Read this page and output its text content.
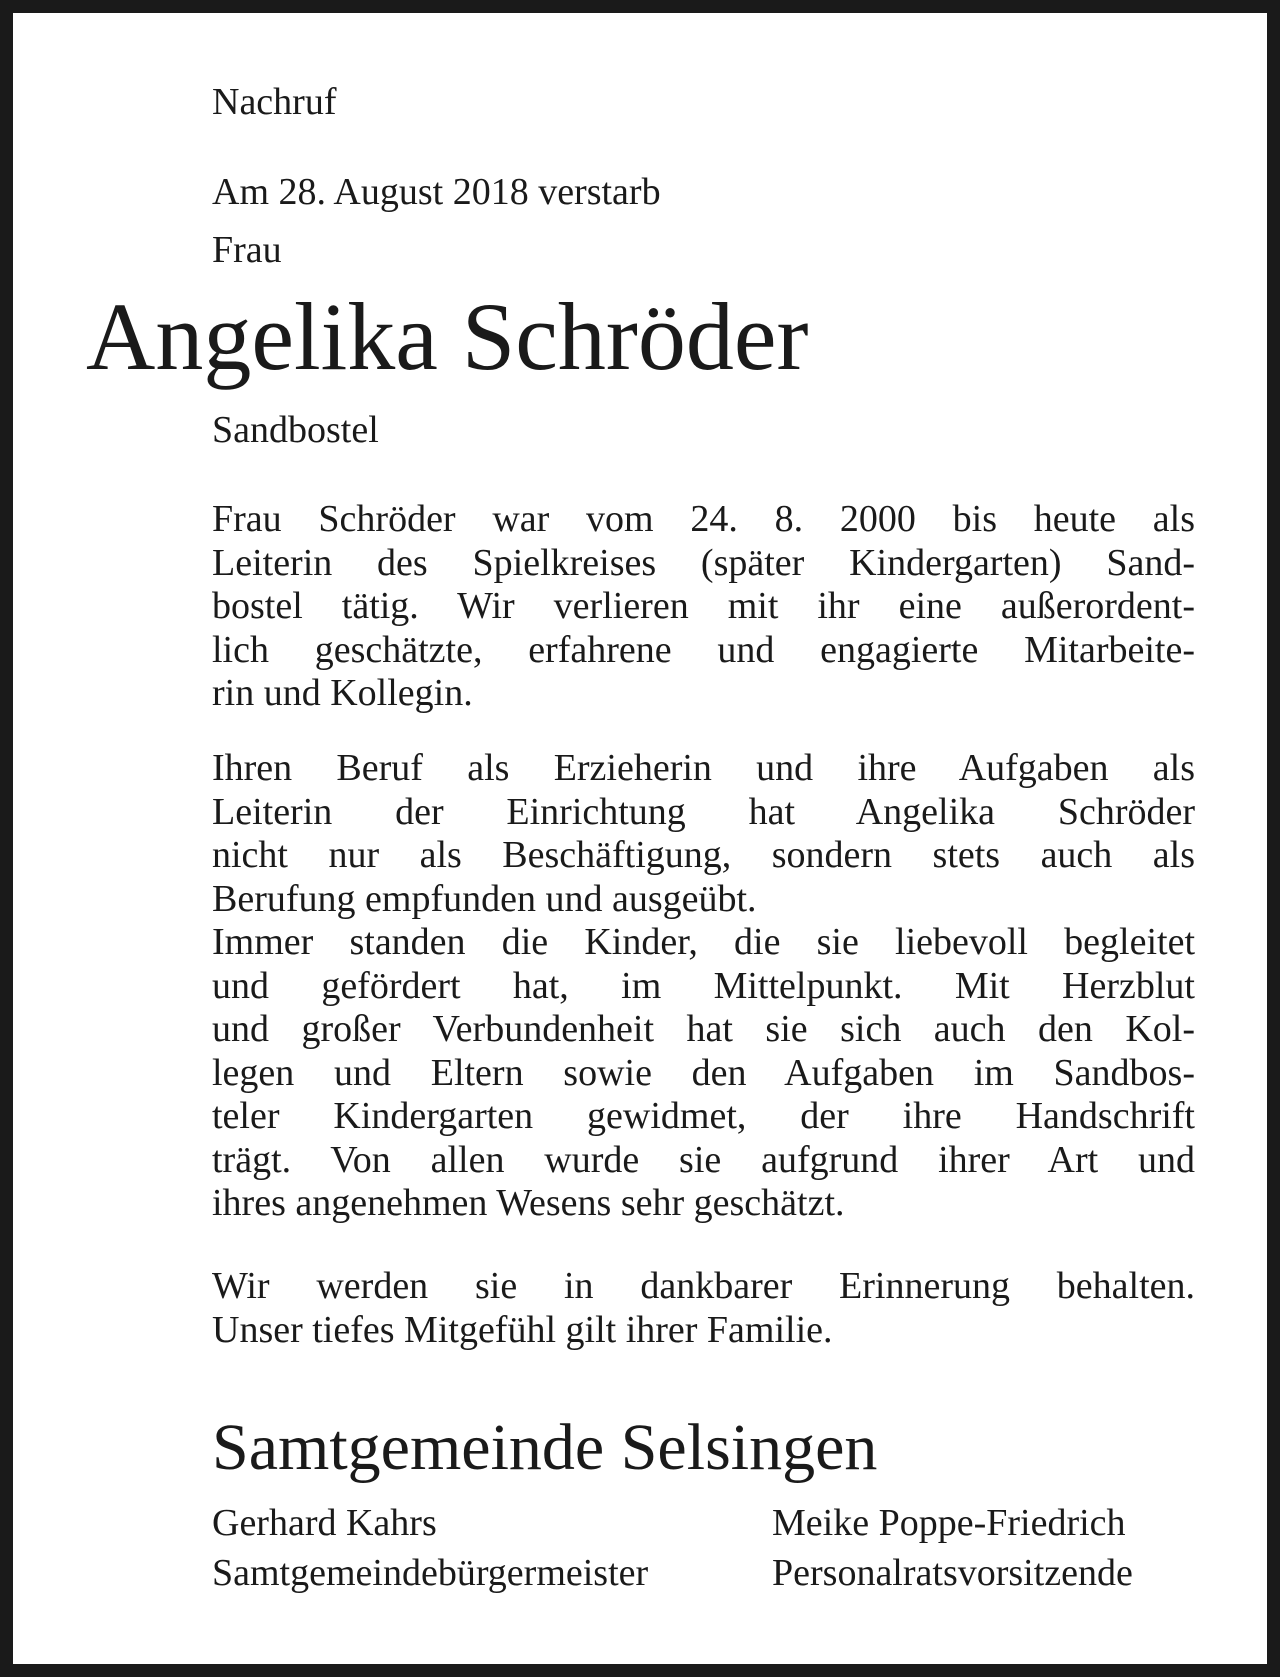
Nachruf
Am 28. August 2018 verstarb
Frau
Angelika Schröder
Sandbostel
Frau Schröder war vom 24. 8. 2000 bis heute als
Leiterin des Spielkreises (später Kindergarten) Sand-
bostel tätig. Wir verlieren mit ihr eine außerordent-
lich geschätzte, erfahrene und engagierte Mitarbeite-
rin und Kollegin.
Ihren Beruf als Erzieherin und ihre Aufgaben als
Leiterin der Einrichtung hat Angelika Schröder
nicht nur als Beschäftigung, sondern stets auch als
Berufung empfunden und ausgeübt.
Immer standen die Kinder, die sie liebevoll begleitet
und gefördert hat, im Mittelpunkt. Mit Herzblut
und großer Verbundenheit hat sie sich auch den Kol-
legen und Eltern sowie den Aufgaben im Sandbos-
teler Kindergarten gewidmet, der ihre Handschrift
trägt. Von allen wurde sie aufgrund ihrer Art und
ihres angenehmen Wesens sehr geschätzt.
Wir werden sie in dankbarer Erinnerung behalten.
Unser tiefes Mitgefühl gilt ihrer Familie.
Samtgemeinde Selsingen
Gerhard Kahrs
Samtgemeindebürgermeister
Meike Poppe-Friedrich
Personalratsvorsitzende
